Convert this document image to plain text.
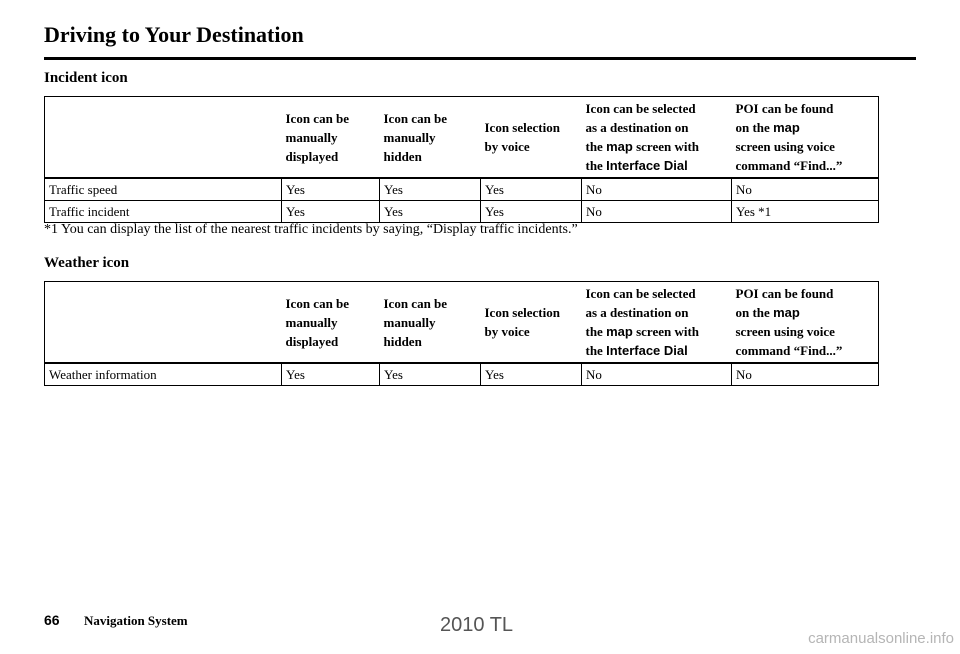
Driving to Your Destination
Incident icon
	Icon can be
manually
displayed	Icon can be
manually
hidden	Icon selection
by voice	Icon can be selected
as a destination on
the map screen with
the Interface Dial	POI can be found
on the map
screen using voice
command “Find...”
Traffic speed	Yes	Yes	Yes	No	No
Traffic incident	Yes	Yes	Yes	No	Yes *1
*1 You can display the list of the nearest traffic incidents by saying, “Display traffic incidents.”
Weather icon
	Icon can be
manually
displayed	Icon can be
manually
hidden	Icon selection
by voice	Icon can be selected
as a destination on
the map screen with
the Interface Dial	POI can be found
on the map
screen using voice
command “Find...”
Weather information	Yes	Yes	Yes	No	No
66 Navigation System	2010 TL
carmanualsonline.info
